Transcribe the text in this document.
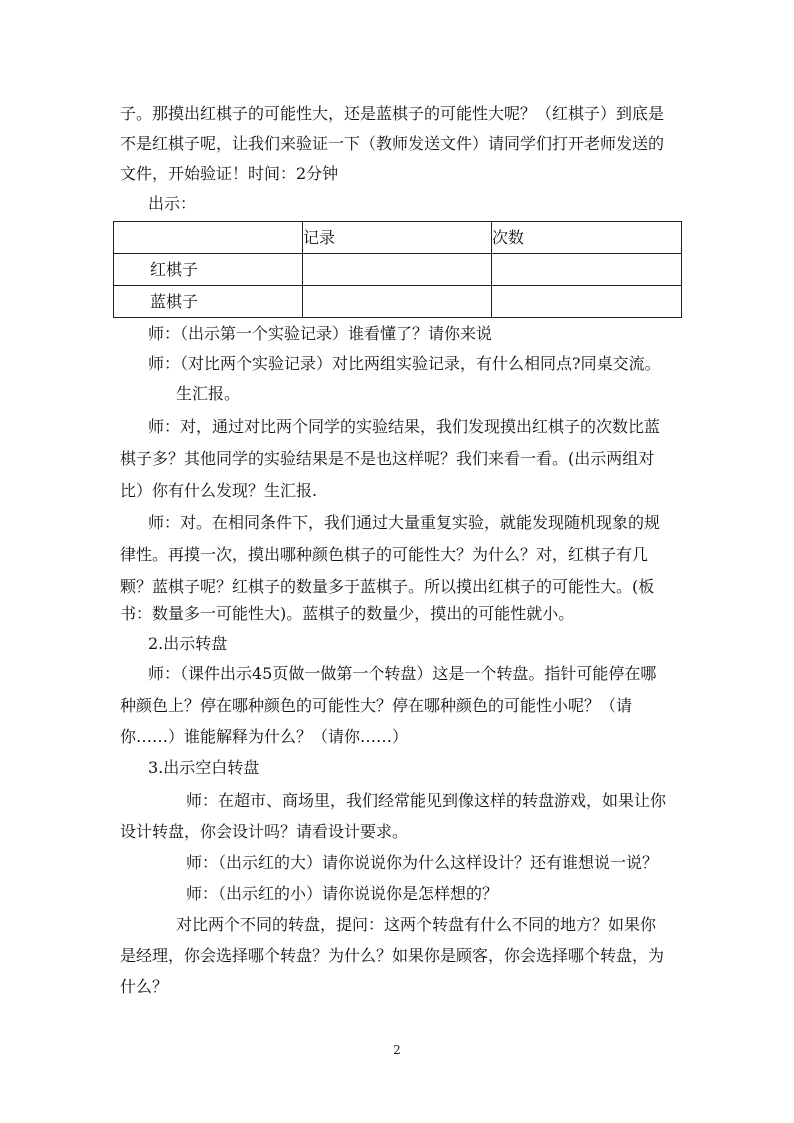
子。那摸出红棋子的可能性大，还是蓝棋子的可能性大呢？（红棋子）到底是
不是红棋子呢，让我们来验证一下（教师发送文件）请同学们打开老师发送的
文件，开始验证！时间：2分钟
出示：
	记录	次数
红棋子		
蓝棋子		
师：（出示第一个实验记录）谁看懂了？请你来说
师：（对比两个实验记录）对比两组实验记录，有什么相同点?同桌交流。
生汇报。
师：对，通过对比两个同学的实验结果，我们发现摸出红棋子的次数比蓝
棋子多？其他同学的实验结果是不是也这样呢？我们来看一看。(出示两组对
比）你有什么发现？生汇报.
师：对。在相同条件下，我们通过大量重复实验，就能发现随机现象的规
律性。再摸一次，摸出哪种颜色棋子的可能性大？为什么？对，红棋子有几
颗？蓝棋子呢？红棋子的数量多于蓝棋子。所以摸出红棋子的可能性大。(板
书：数量多一可能性大)。蓝棋子的数量少，摸出的可能性就小。
2.出示转盘
师：（课件出示45页做一做第一个转盘）这是一个转盘。指针可能停在哪
种颜色上？停在哪种颜色的可能性大？停在哪种颜色的可能性小呢？（请
你……）谁能解释为什么？（请你……）
3.出示空白转盘
师：在超市、商场里，我们经常能见到像这样的转盘游戏，如果让你
设计转盘，你会设计吗？请看设计要求。
师：（出示红的大）请你说说你为什么这样设计？还有谁想说一说？
师：（出示红的小）请你说说你是怎样想的？
对比两个不同的转盘，提问：这两个转盘有什么不同的地方？如果你
是经理，你会选择哪个转盘？为什么？如果你是顾客，你会选择哪个转盘，为
什么？
2
